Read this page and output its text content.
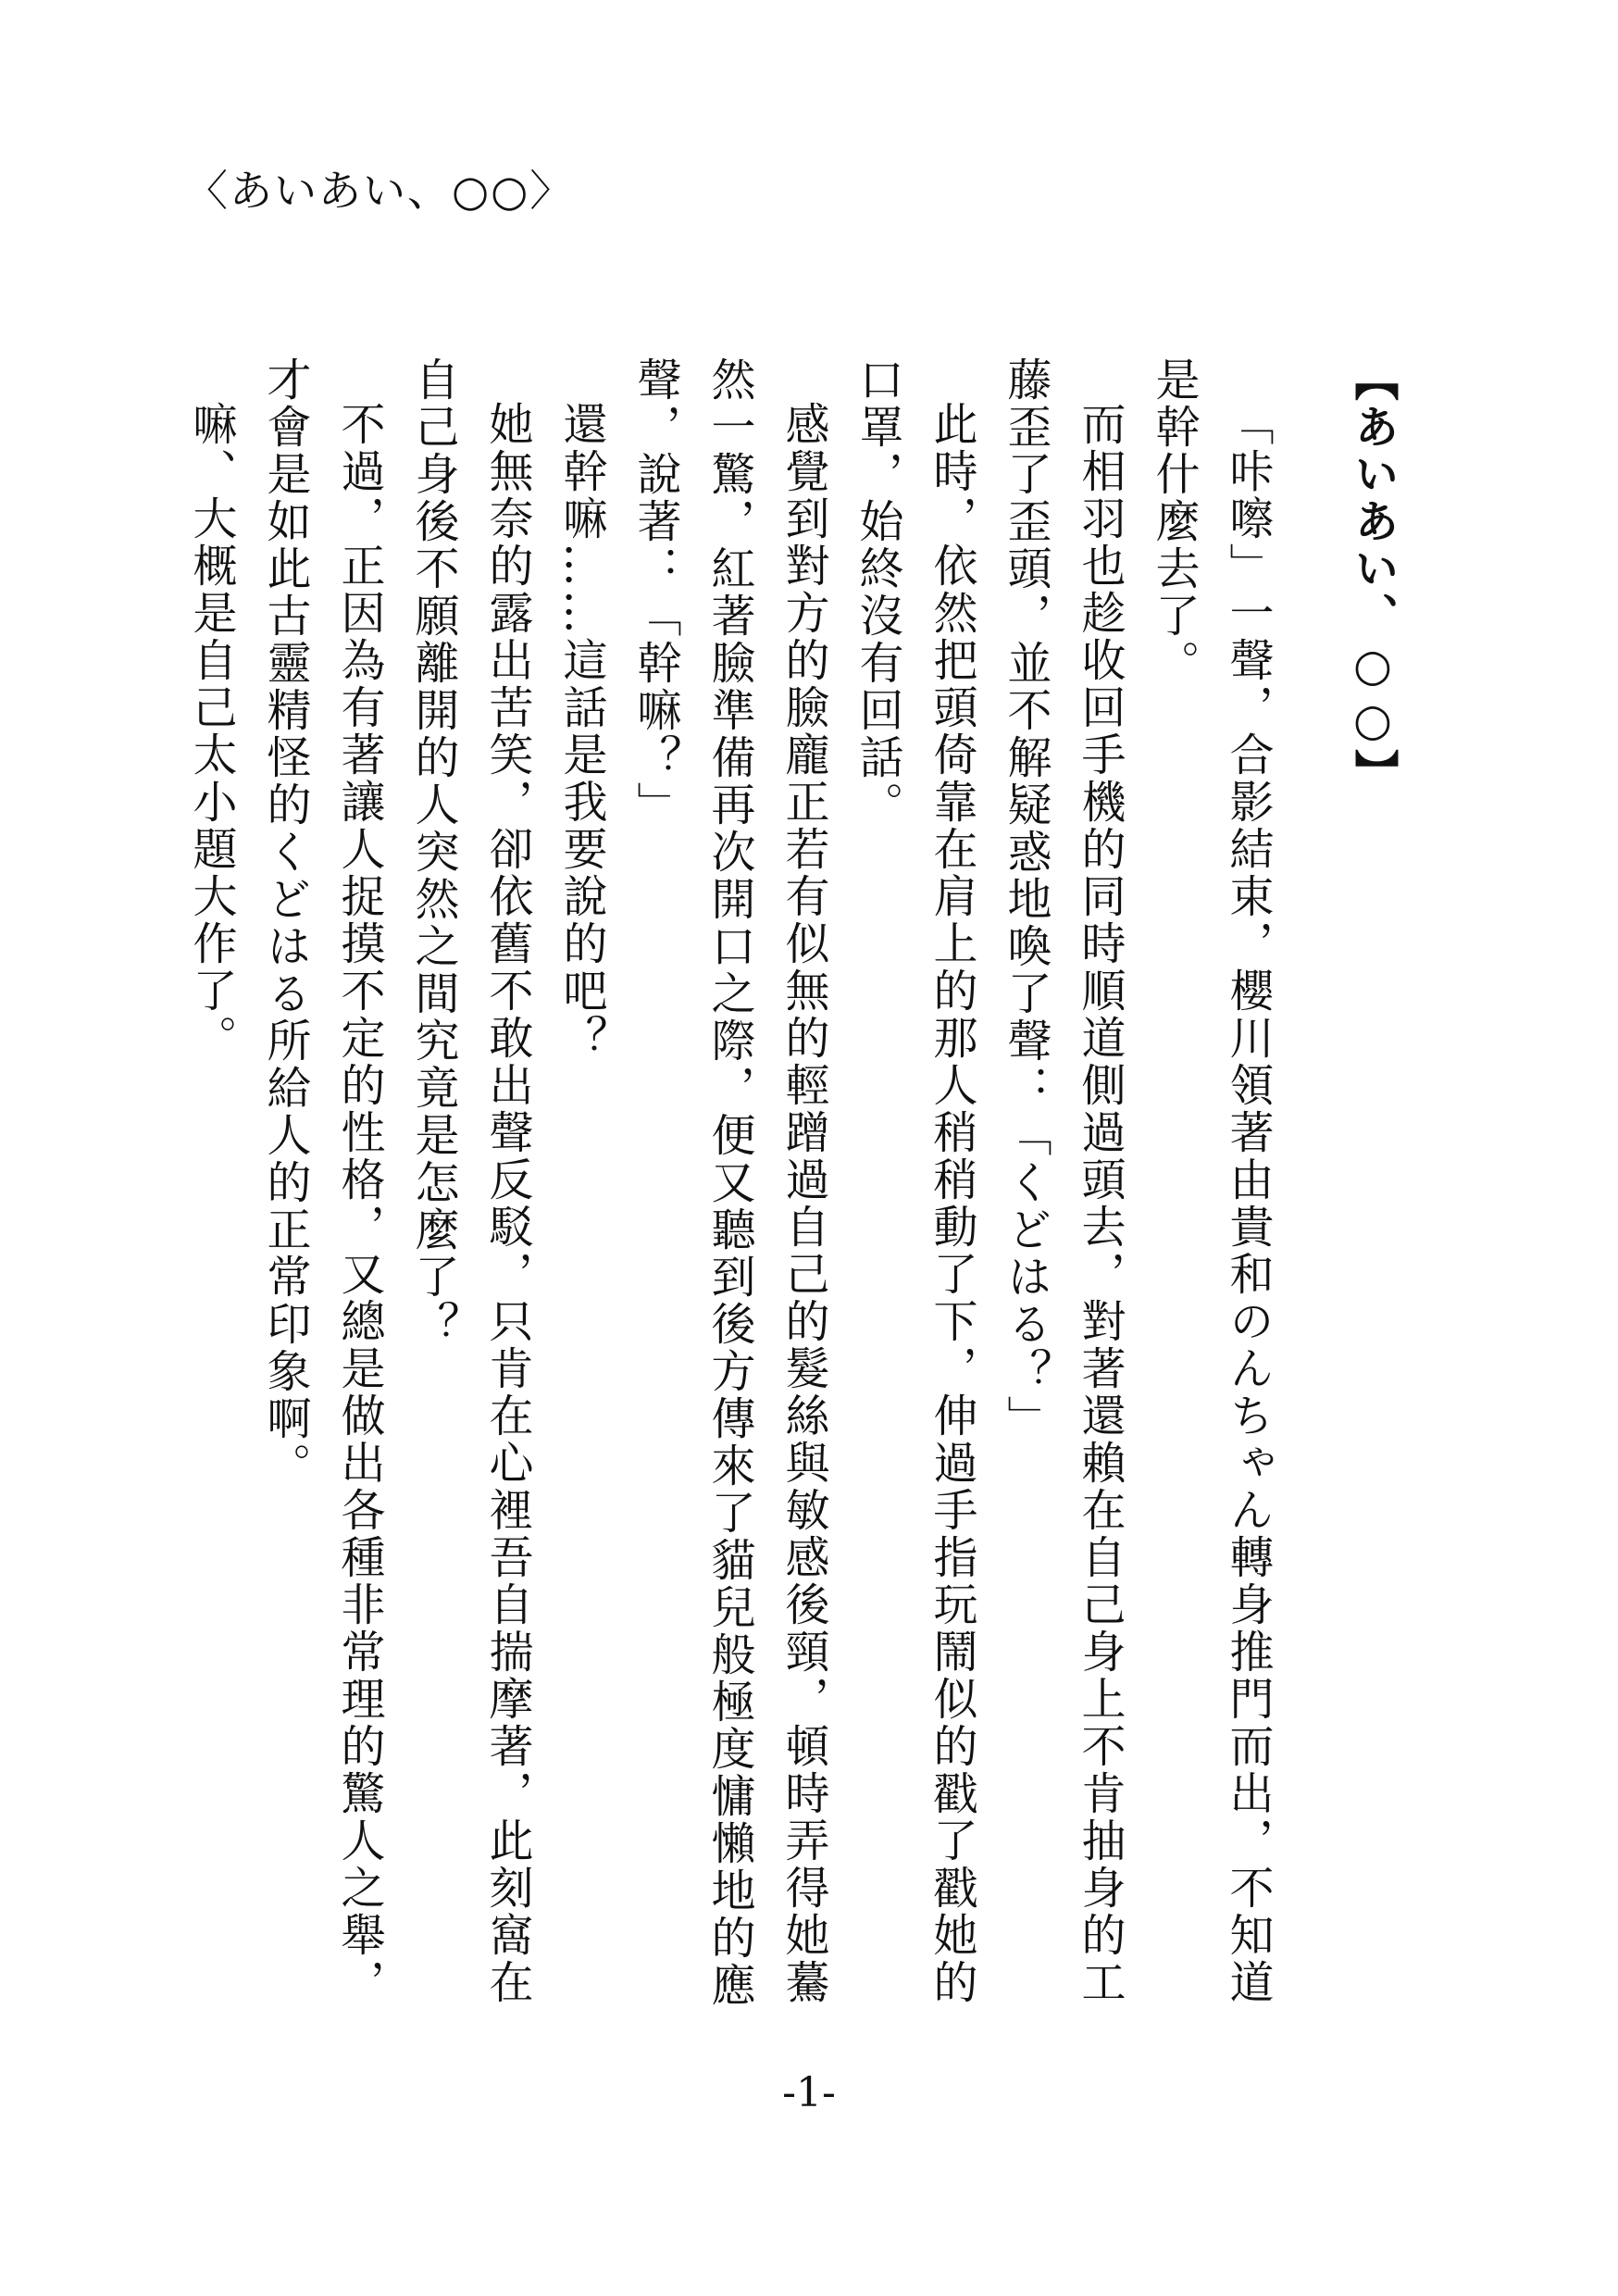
〈あいあい、○○〉

【あいあい、○○】

「咔嚓」一聲，合影結束，櫻川領著由貴和のんちゃん轉身推門而出，不知道是幹什麼去了。

而相羽也趁收回手機的同時順道側過頭去，對著還賴在自己身上不肯抽身的工藤歪了歪頭，並不解疑惑地喚了聲：「くどはる？」

此時，依然把頭倚靠在肩上的那人稍稍動了下，伸過手指玩鬧似的戳了戳她的口罩，始終沒有回話。

感覺到對方的臉龐正若有似無的輕蹭過自己的髮絲與敏感後頸，頓時弄得她驀然一驚，紅著臉準備再次開口之際，便又聽到後方傳來了貓兒般極度慵懶地的應聲，說著：「幹嘛？」

還幹嘛……這話是我要說的吧？

她無奈的露出苦笑，卻依舊不敢出聲反駁，只肯在心裡吾自揣摩著，此刻窩在自己身後不願離開的人突然之間究竟是怎麼了？

不過，正因為有著讓人捉摸不定的性格，又總是做出各種非常理的驚人之舉，才會是如此古靈精怪的くどはる所給人的正常印象啊。

嘛、大概是自己太小題大作了。

-1-
